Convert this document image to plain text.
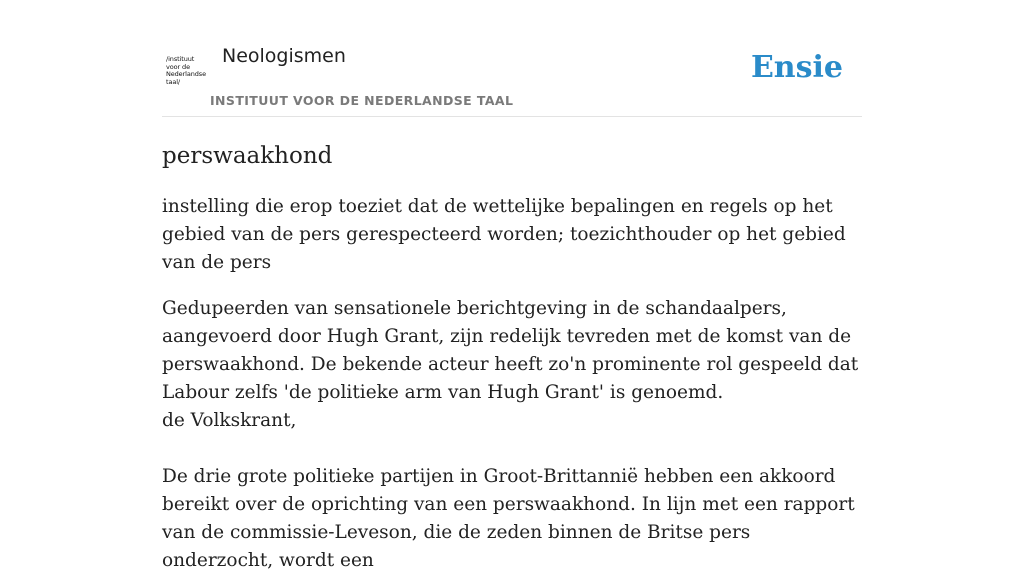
/instituut
voor de
Nederlandse
taal/
Neologismen
INSTITUUT VOOR DE NEDERLANDSE TAAL
Ensie
perswaakhond

instelling die erop toeziet dat de wettelijke bepalingen en regels op het gebied van de pers gerespecteerd worden; toezichthouder op het gebied van de pers

Gedupeerden van sensationele berichtgeving in de schandaalpers, aangevoerd door Hugh Grant, zijn redelijk tevreden met de komst van de perswaakhond. De bekende acteur heeft zo'n prominente rol gespeeld dat Labour zelfs 'de politieke arm van Hugh Grant' is genoemd.
de Volkskrant,
De drie grote politieke partijen in Groot-Brittannië hebben een akkoord bereikt over de oprichting van een perswaakhond. In lijn met een rapport van de commissie-Leveson, die de zeden binnen de Britse pers onderzocht, wordt een
